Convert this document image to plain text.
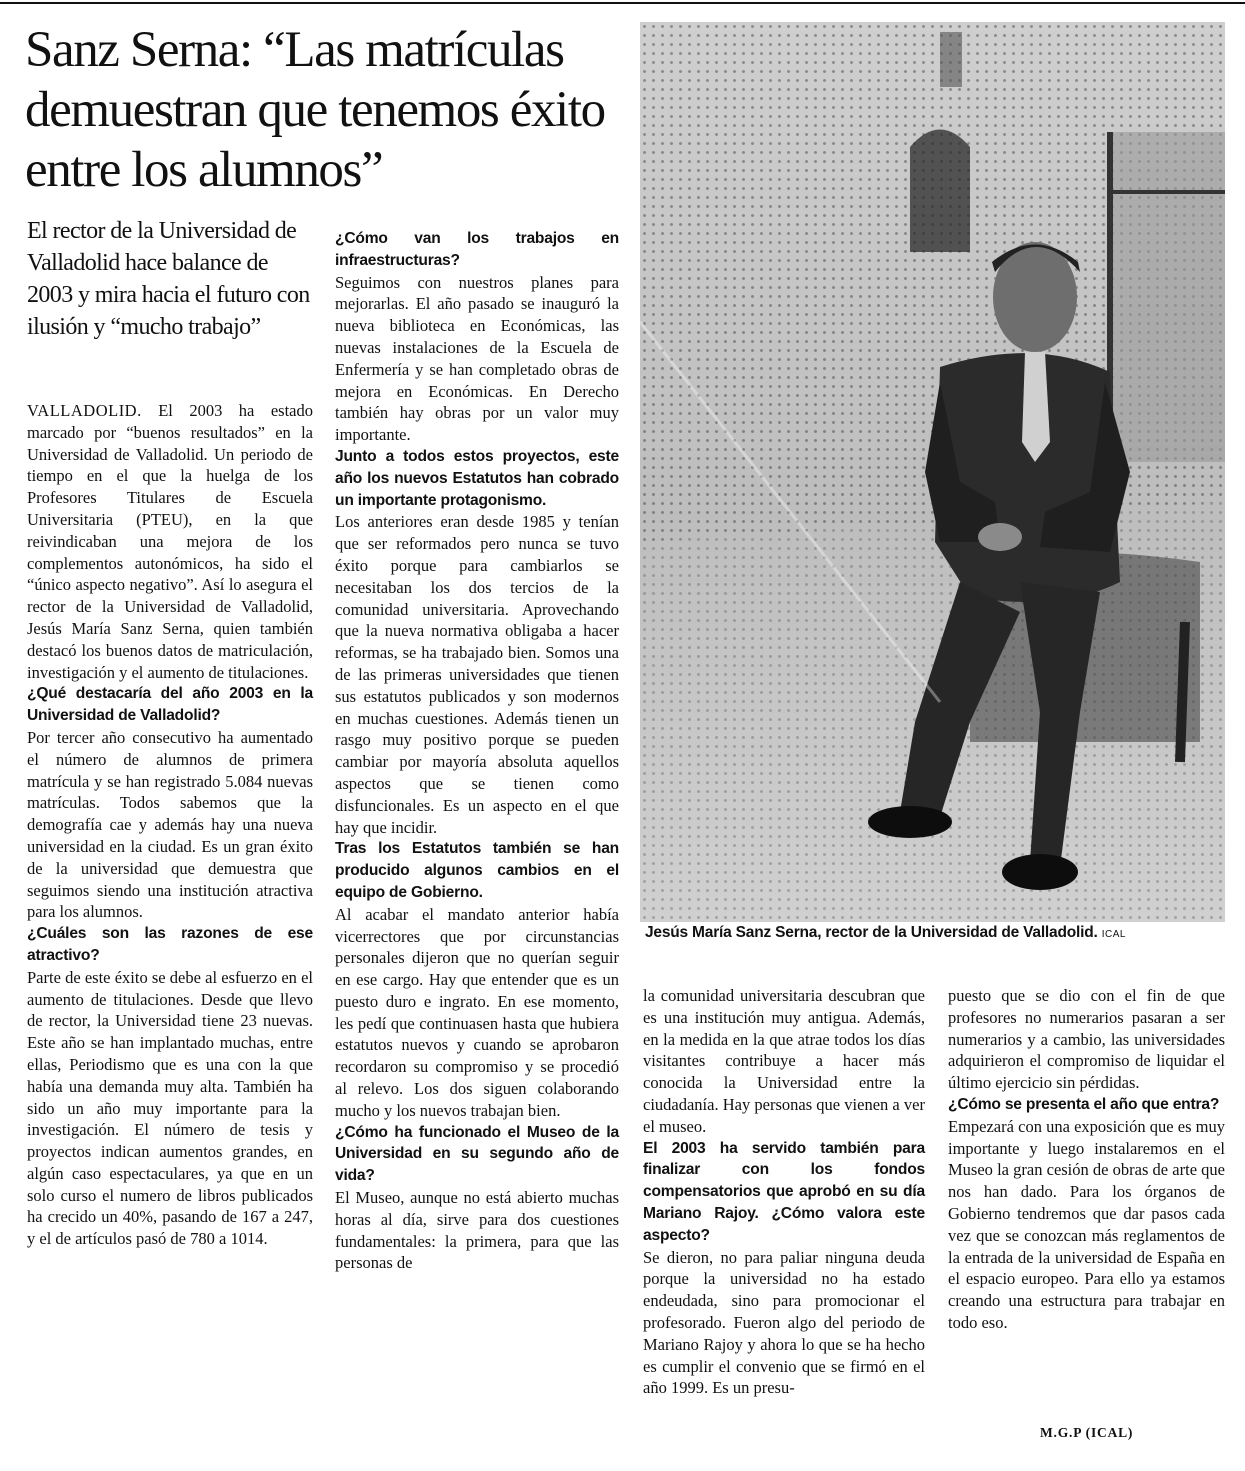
Sanz Serna: “Las matrículas demuestran que tenemos éxito entre los alumnos”

El rector de la Universidad de Valladolid hace balance de 2003 y mira hacia el futuro con ilusión y “mucho trabajo”

VALLADOLID. El 2003 ha estado marcado por “buenos resultados” en la Universidad de Valladolid. Un periodo de tiempo en el que la huelga de los Profesores Titulares de Escuela Universitaria (PTEU), en la que reivindicaban una mejora de los complementos autonómicos, ha sido el “único aspecto negativo”. Así lo asegura el rector de la Universidad de Valladolid, Jesús María Sanz Serna, quien también destacó los buenos datos de matriculación, investigación y el aumento de titulaciones.

¿Qué destacaría del año 2003 en la Universidad de Valladolid?

Por tercer año consecutivo ha aumentado el número de alumnos de primera matrícula y se han registrado 5.084 nuevas matrículas. Todos sabemos que la demografía cae y además hay una nueva universidad en la ciudad. Es un gran éxito de la universidad que demuestra que seguimos siendo una institución atractiva para los alumnos.

¿Cuáles son las razones de ese atractivo?

Parte de este éxito se debe al esfuerzo en el aumento de titulaciones. Desde que llevo de rector, la Universidad tiene 23 nuevas. Este año se han implantado muchas, entre ellas, Periodismo que es una con la que había una demanda muy alta. También ha sido un año muy importante para la investigación. El número de tesis y proyectos indican aumentos grandes, en algún caso espectaculares, ya que en un solo curso el numero de libros publicados ha crecido un 40%, pasando de 167 a 247, y el de artículos pasó de 780 a 1014.

¿Cómo van los trabajos en infraestructuras?

Seguimos con nuestros planes para mejorarlas. El año pasado se inauguró la nueva biblioteca en Económicas, las nuevas instalaciones de la Escuela de Enfermería y se han completado obras de mejora en Económicas. En Derecho también hay obras por un valor muy importante.

Junto a todos estos proyectos, este año los nuevos Estatutos han cobrado un importante protagonismo.

Los anteriores eran desde 1985 y tenían que ser reformados pero nunca se tuvo éxito porque para cambiarlos se necesitaban los dos tercios de la comunidad universitaria. Aprovechando que la nueva normativa obligaba a hacer reformas, se ha trabajado bien. Somos una de las primeras universidades que tienen sus estatutos publicados y son modernos en muchas cuestiones. Además tienen un rasgo muy positivo porque se pueden cambiar por mayoría absoluta aquellos aspectos que se tienen como disfuncionales. Es un aspecto en el que hay que incidir.

Tras los Estatutos también se han producido algunos cambios en el equipo de Gobierno.

Al acabar el mandato anterior había vicerrectores que por circunstancias personales dijeron que no querían seguir en ese cargo. Hay que entender que es un puesto duro e ingrato. En ese momento, les pedí que continuasen hasta que hubiera estatutos nuevos y cuando se aprobaron recordaron su compromiso y se procedió al relevo. Los dos siguen colaborando mucho y los nuevos trabajan bien.

¿Cómo ha funcionado el Museo de la Universidad en su segundo año de vida?

El Museo, aunque no está abierto muchas horas al día, sirve para dos cuestiones fundamentales: la primera, para que las personas de

Jesús María Sanz Serna, rector de la Universidad de Valladolid. ICAL

la comunidad universitaria descubran que es una institución muy antigua. Además, en la medida en la que atrae todos los días visitantes contribuye a hacer más conocida la Universidad entre la ciudadanía. Hay personas que vienen a ver el museo.

El 2003 ha servido también para finalizar con los fondos compensatorios que aprobó en su día Mariano Rajoy. ¿Cómo valora este aspecto?

Se dieron, no para paliar ninguna deuda porque la universidad no ha estado endeudada, sino para promocionar el profesorado. Fueron algo del periodo de Mariano Rajoy y ahora lo que se ha hecho es cumplir el convenio que se firmó en el año 1999. Es un presu-

puesto que se dio con el fin de que profesores no numerarios pasaran a ser numerarios y a cambio, las universidades adquirieron el compromiso de liquidar el último ejercicio sin pérdidas.

¿Cómo se presenta el año que entra?

Empezará con una exposición que es muy importante y luego instalaremos en el Museo la gran cesión de obras de arte que nos han dado. Para los órganos de Gobierno tendremos que dar pasos cada vez que se conozcan más reglamentos de la entrada de la universidad de España en el espacio europeo. Para ello ya estamos creando una estructura para trabajar en todo eso.

M.G.P (ICAL)
